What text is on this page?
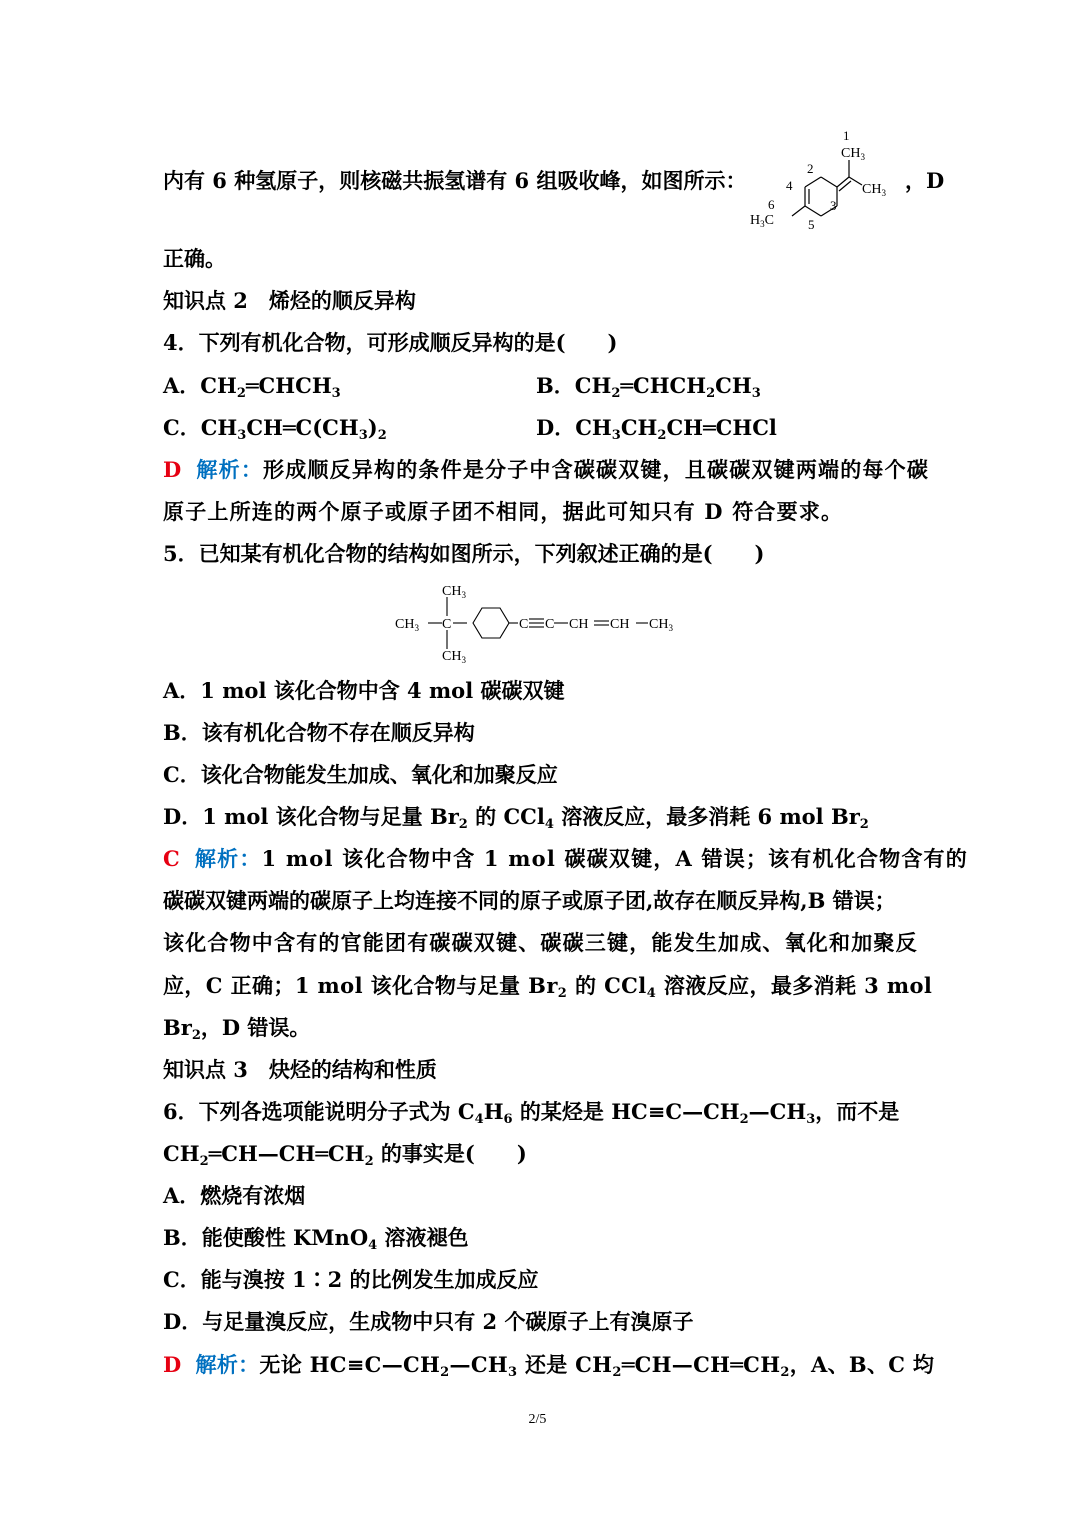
内有 6 种氢原子，则核磁共振氢谱有 6 组吸收峰，如图所示：
1
$CH_3$
2
4	$CH_3$
3
6
$H_3C$	5
，D
正确。
知识点 2　烯烃的顺反异构
4．下列有机化合物，可形成顺反异构的是(　　)
A．$CH_2═CHCH_3$	B．$CH_2═CHCH_2CH_3$
C．$CH_3CH═C(CH_3)_2$	D．$CH_3CH_2CH═CHCl$
D 解析：形成顺反异构的条件是分子中含碳碳双键，且碳碳双键两端的每个碳
原子上所连的两个原子或原子团不相同，据此可知只有 D 符合要求。
5．已知某有机化合物的结构如图所示，下列叙述正确的是(　　)
$CH_3$
$CH_3$ C
$CH_3$
C C CH CH $CH_3$
A．1 mol 该化合物中含 4 mol 碳碳双键
B．该有机化合物不存在顺反异构
C．该化合物能发生加成、氧化和加聚反应
D．1 mol 该化合物与足量 $Br_2$ 的 CCl$_4$ 溶液反应，最多消耗 6 mol $Br_2$
C 解析：1 mol 该化合物中含 1 mol 碳碳双键，A 错误；该有机化合物含有的
碳碳双键两端的碳原子上均连接不同的原子或原子团,故存在顺反异构,B 错误；
该化合物中含有的官能团有碳碳双键、碳碳三键，能发生加成、氧化和加聚反
应，C 正确；1 mol 该化合物与足量 $Br_2$ 的 CCl$_4$ 溶液反应，最多消耗 3 mol
$Br_2$，D 错误。
知识点 3　炔烃的结构和性质
6．下列各选项能说明分子式为 $C_4H_6$ 的某烃是 $HC\equiv C—CH_2—CH_3$，而不是
$CH_2═CH—CH═CH_2$ 的事实是(　　)
A．燃烧有浓烟
B．能使酸性 KMnO$_4$ 溶液褪色
C．能与溴按 1∶2 的比例发生加成反应
D．与足量溴反应，生成物中只有 2 个碳原子上有溴原子
D 解析：无论 $HC\equiv C—CH_2—CH_3$ 还是 $CH_2═CH—CH═CH_2$，A、B、C 均
2/5
